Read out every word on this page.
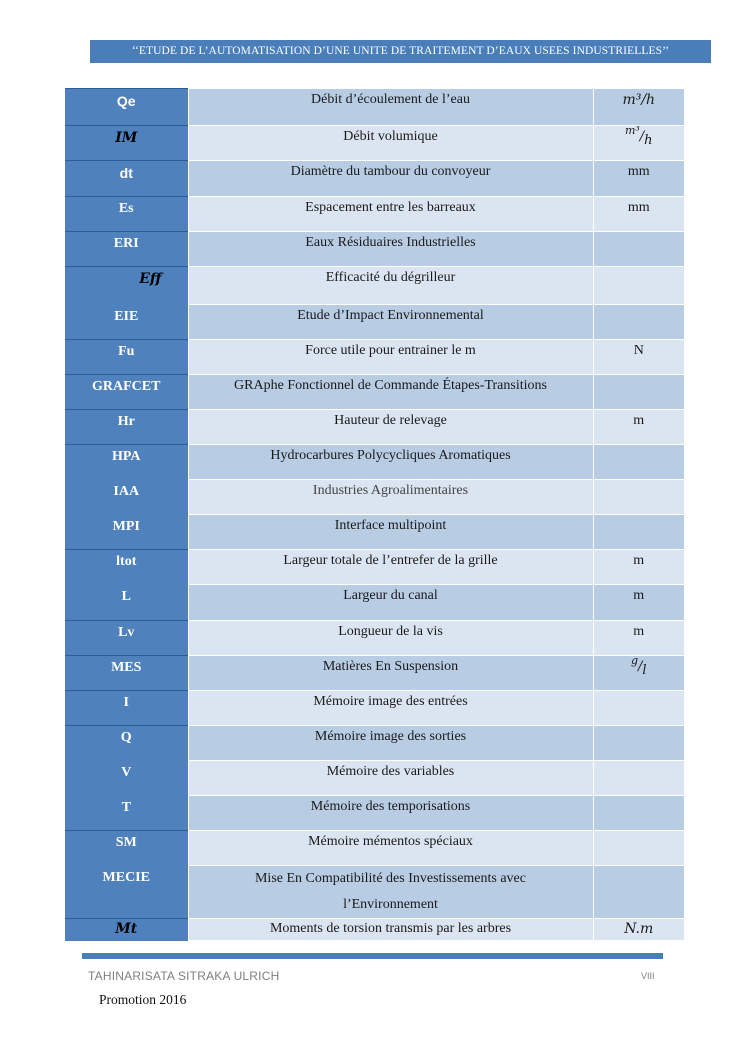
‘‘ETUDE DE L’AUTOMATISATION D’UNE UNITE DE TRAITEMENT D’EAUX USEES INDUSTRIELLES’’
Qe	Débit d’écoulement de l’eau	m³/h
IM	Débit volumique	$^{m^3}$/h
dt	Diamètre du tambour du convoyeur	mm
Es	Espacement entre les barreaux	mm
ERI	Eaux Résiduaires Industrielles	
Eff	Efficacité du dégrilleur	
EIE	Etude d’Impact Environnemental	
Fu	Force utile pour entrainer le m	N
GRAFCET	GRAphe Fonctionnel de Commande Étapes-Transitions	
Hr	Hauteur de relevage	m
HPA	Hydrocarbures Polycycliques Aromatiques	
IAA	Industries Agroalimentaires	
MPI	Interface multipoint	
ltot	Largeur totale de l’entrefer de la grille	m
L	Largeur du canal	m
Lv	Longueur de la vis	m
MES	Matières En Suspension	$^g$/l
I	Mémoire image des entrées	
Q	Mémoire image des sorties	
V	Mémoire des variables	
T	Mémoire des temporisations	
SM	Mémoire mémentos spéciaux	
MECIE	Mise En Compatibilité des Investissements avec l’Environnement	
Mt	Moments de torsion transmis par les arbres	N.m
TAHINARISATA SITRAKA ULRICH	VIII
Promotion 2016
